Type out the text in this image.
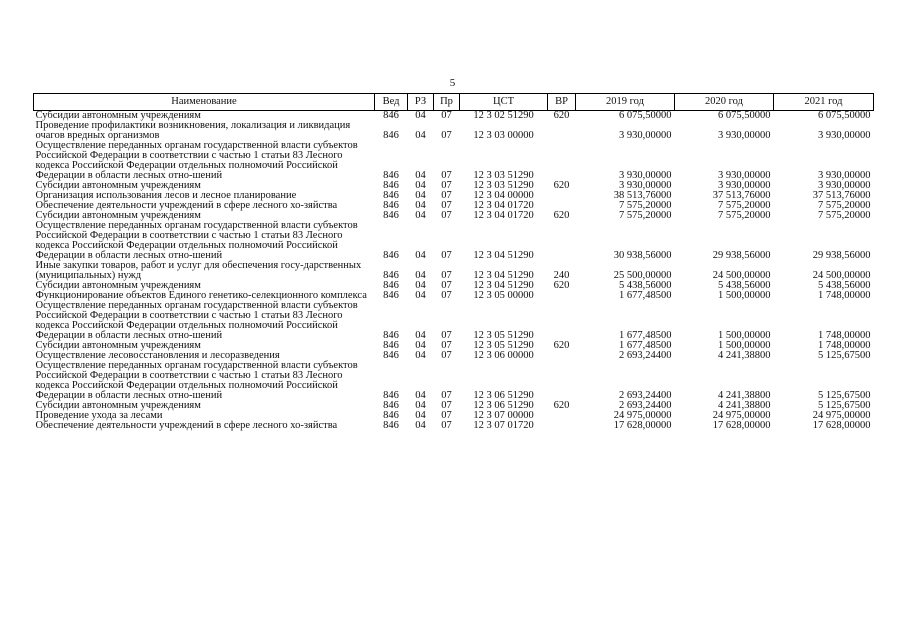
5
Наименование	Вед	РЗ	Пр	ЦСТ	ВР	2019 год	2020 год	2021 год
Субсидии автономным учреждениям	846	04	07	12 3 02 51290	620	6 075,50000	6 075,50000	6 075,50000
Проведение профилактики возникновения, локализация и ликвидация очагов вредных организмов	846	04	07	12 3 03 00000		3 930,00000	3 930,00000	3 930,00000
Осуществление переданных органам государственной власти субъектов Российской Федерации в соответствии с частью 1 статьи 83 Лесного кодекса Российской Федерации отдельных полномочий Российской Федерации в области лесных отно-шений	846	04	07	12 3 03 51290		3 930,00000	3 930,00000	3 930,00000
Субсидии автономным учреждениям	846	04	07	12 3 03 51290	620	3 930,00000	3 930,00000	3 930,00000
Организация использования лесов и лесное планирование	846	04	07	12 3 04 00000		38 513,76000	37 513,76000	37 513,76000
Обеспечение деятельности учреждений в сфере лесного хо-зяйства	846	04	07	12 3 04 01720		7 575,20000	7 575,20000	7 575,20000
Субсидии автономным учреждениям	846	04	07	12 3 04 01720	620	7 575,20000	7 575,20000	7 575,20000
Осуществление переданных органам государственной власти субъектов Российской Федерации в соответствии с частью 1 статьи 83 Лесного кодекса Российской Федерации отдельных полномочий Российской Федерации в области лесных отно-шений	846	04	07	12 3 04 51290		30 938,56000	29 938,56000	29 938,56000
Иные закупки товаров, работ и услуг для обеспечения госу-дарственных (муниципальных) нужд	846	04	07	12 3 04 51290	240	25 500,00000	24 500,00000	24 500,00000
Субсидии автономным учреждениям	846	04	07	12 3 04 51290	620	5 438,56000	5 438,56000	5 438,56000
Функционирование объектов Единого генетико-селекционного комплекса	846	04	07	12 3 05 00000		1 677,48500	1 500,00000	1 748,00000
Осуществление переданных органам государственной власти субъектов Российской Федерации в соответствии с частью 1 статьи 83 Лесного кодекса Российской Федерации отдельных полномочий Российской Федерации в области лесных отно-шений	846	04	07	12 3 05 51290		1 677,48500	1 500,00000	1 748,00000
Субсидии автономным учреждениям	846	04	07	12 3 05 51290	620	1 677,48500	1 500,00000	1 748,00000
Осуществление лесовосстановления и лесоразведения	846	04	07	12 3 06 00000		2 693,24400	4 241,38800	5 125,67500
Осуществление переданных органам государственной власти субъектов Российской Федерации в соответствии с частью 1 статьи 83 Лесного кодекса Российской Федерации отдельных полномочий Российской Федерации в области лесных отно-шений	846	04	07	12 3 06 51290		2 693,24400	4 241,38800	5 125,67500
Субсидии автономным учреждениям	846	04	07	12 3 06 51290	620	2 693,24400	4 241,38800	5 125,67500
Проведение ухода за лесами	846	04	07	12 3 07 00000		24 975,00000	24 975,00000	24 975,00000
Обеспечение деятельности учреждений в сфере лесного хо-зяйства	846	04	07	12 3 07 01720		17 628,00000	17 628,00000	17 628,00000
